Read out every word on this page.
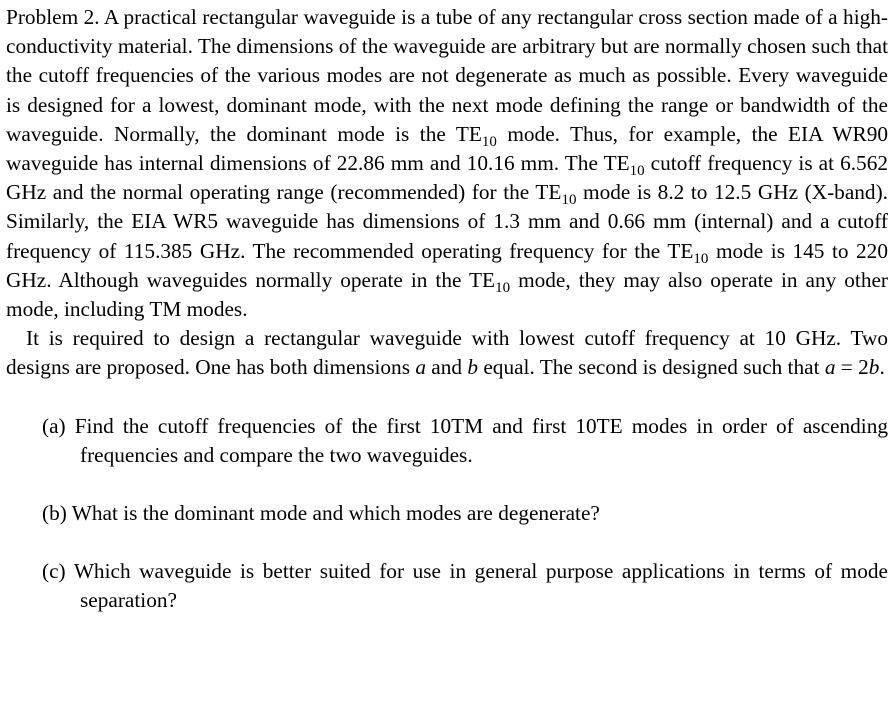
Problem 2. A practical rectangular waveguide is a tube of any rectangular cross section made of a high-conductivity material. The dimensions of the waveguide are arbitrary but are normally chosen such that the cutoff frequencies of the various modes are not degenerate as much as possible. Every waveguide is designed for a lowest, dominant mode, with the next mode defining the range or bandwidth of the waveguide. Normally, the dominant mode is the $TE_{10}$ mode. Thus, for example, the EIA WR90 waveguide has internal dimensions of 22.86 mm and 10.16 mm. The $TE_{10}$ cutoff frequency is at 6.562 GHz and the normal operating range (recommended) for the $TE_{10}$ mode is 8.2 to 12.5 GHz (X-band). Similarly, the EIA WR5 waveguide has dimensions of 1.3 mm and 0.66 mm (internal) and a cutoff frequency of 115.385 GHz. The recommended operating frequency for the $TE_{10}$ mode is 145 to 220 GHz. Although waveguides normally operate in the $TE_{10}$ mode, they may also operate in any other mode, including TM modes.

It is required to design a rectangular waveguide with lowest cutoff frequency at 10 GHz. Two designs are proposed. One has both dimensions a and b equal. The second is designed such that a = 2b.

(a) Find the cutoff frequencies of the first 10TM and first 10TE modes in order of ascending frequencies and compare the two waveguides.

(b) What is the dominant mode and which modes are degenerate?

(c) Which waveguide is better suited for use in general purpose applications in terms of mode separation?
